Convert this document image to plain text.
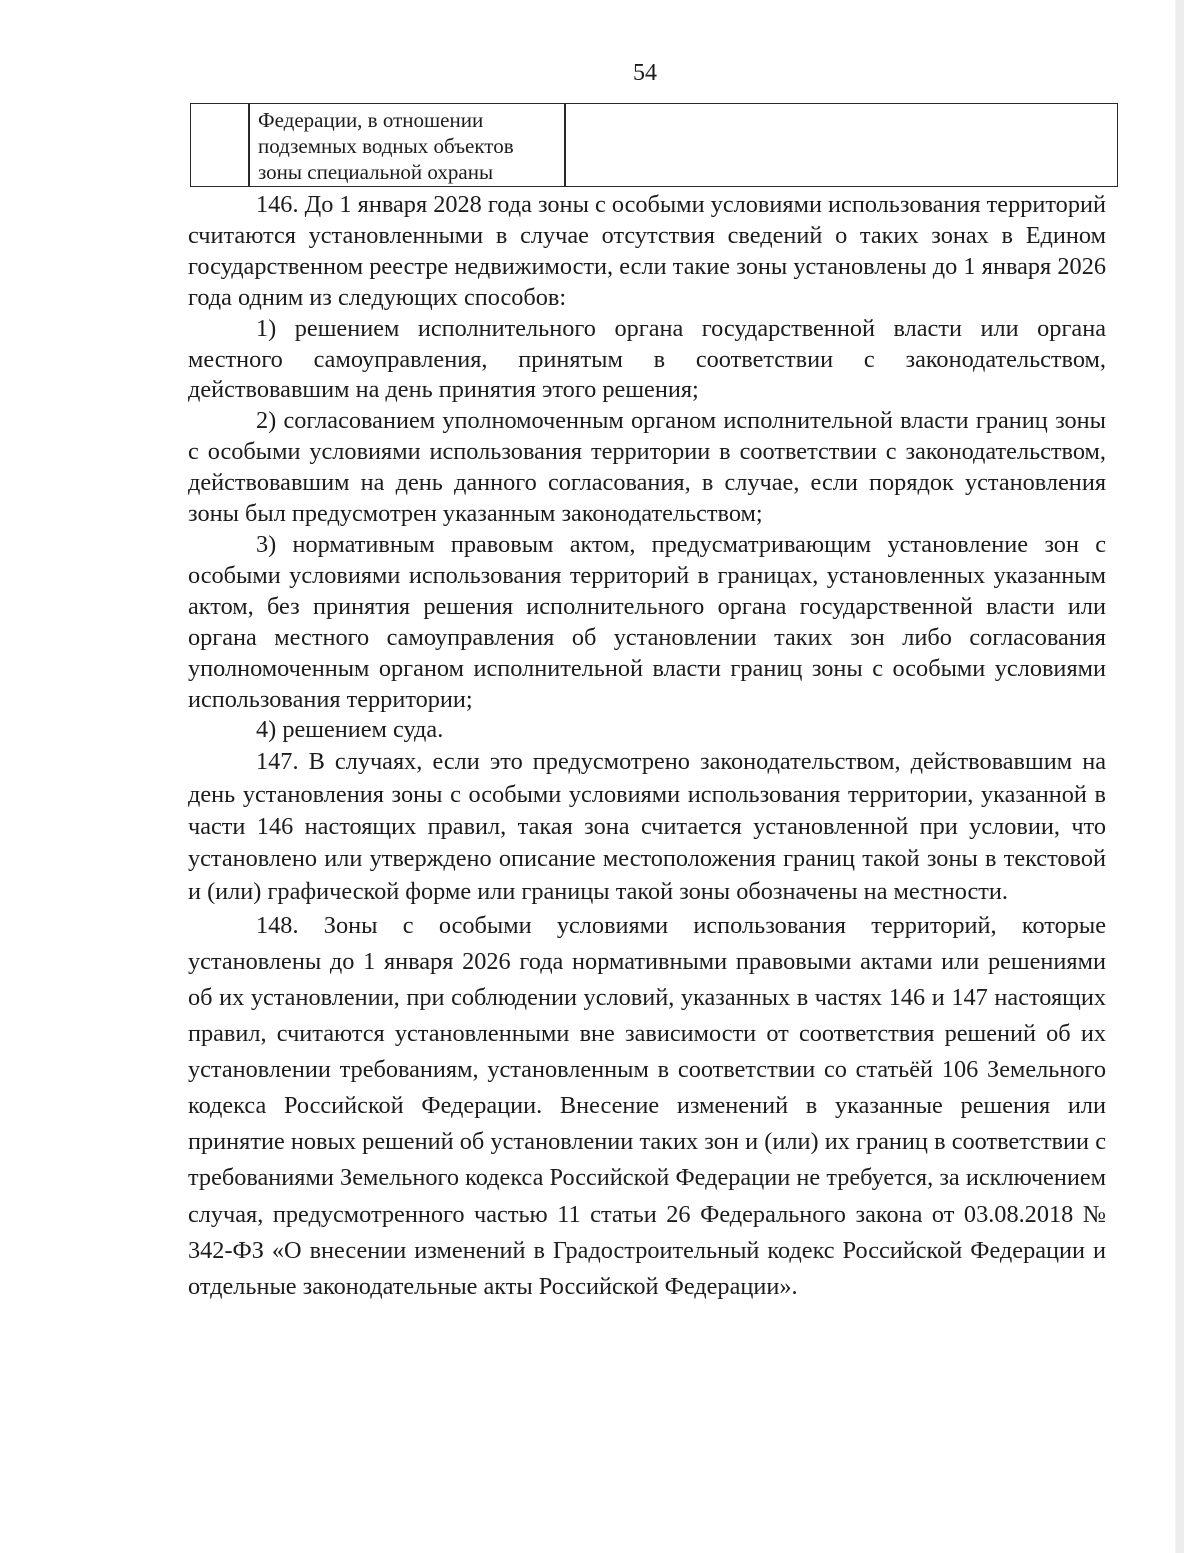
54
Федерации, в отношении
подземных водных объектов
зоны специальной охраны

146. До 1 января 2028 года зоны с особыми условиями использования территорий считаются установленными в случае отсутствия сведений о таких зонах в Едином государственном реестре недвижимости, если такие зоны установлены до 1 января 2026 года одним из следующих способов:

1) решением исполнительного органа государственной власти или органа местного самоуправления, принятым в соответствии с законодательством, действовавшим на день принятия этого решения;

2) согласованием уполномоченным органом исполнительной власти границ зоны с особыми условиями использования территории в соответствии с законодательством, действовавшим на день данного согласования, в случае, если порядок установления зоны был предусмотрен указанным законодательством;

3) нормативным правовым актом, предусматривающим установление зон с особыми условиями использования территорий в границах, установленных указанным актом, без принятия решения исполнительного органа государственной власти или органа местного самоуправления об установлении таких зон либо согласования уполномоченным органом исполнительной власти границ зоны с особыми условиями использования территории;

4) решением суда.

147. В случаях, если это предусмотрено законодательством, действовавшим на день установления зоны с особыми условиями использования территории, указанной в части 146 настоящих правил, такая зона считается установленной при условии, что установлено или утверждено описание местоположения границ такой зоны в текстовой и (или) графической форме или границы такой зоны обозначены на местности.

148. Зоны с особыми условиями использования территорий, которые установлены до 1 января 2026 года нормативными правовыми актами или решениями об их установлении, при соблюдении условий, указанных в частях 146 и 147 настоящих правил, считаются установленными вне зависимости от соответствия решений об их установлении требованиям, установленным в соответствии со статьёй 106 Земельного кодекса Российской Федерации. Внесение изменений в указанные решения или принятие новых решений об установлении таких зон и (или) их границ в соответствии с требованиями Земельного кодекса Российской Федерации не требуется, за исключением случая, предусмотренного частью 11 статьи 26 Федерального закона от 03.08.2018 № 342-ФЗ «О внесении изменений в Градостроительный кодекс Российской Федерации и отдельные законодательные акты Российской Федерации».
